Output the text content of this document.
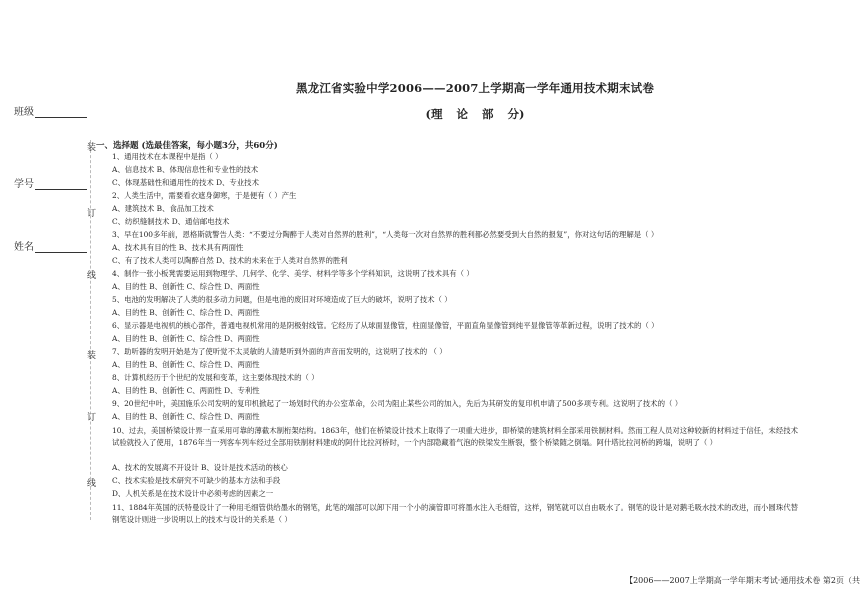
黑龙江省实验中学2006——2007上学期高一学年通用技术期末试卷
(理 论 部 分)
班级
学号
姓名
装
订
线
装
订
线
一、选择题 (选最佳答案，每小题3分，共60分)
1、通用技术在本课程中是指（ ）
A、信息技术 B、体现信息性和专业性的技术
C、体现基础性和通用性的技术 D、专业技术
2、人类生活中，需要看衣遮身御寒，于是便有（ ）产生
A、建筑技术 B、食品加工技术
C、纺织缝制技术 D、通信邮电技术
3、早在100多年前，恩格斯就警告人类：“不要过分陶醉于人类对自然界的胜利”，“人类每一次对自然界的胜利都必然要受到大自然的报复”，你对这句话的理解是（ ）
A、技术具有目的性 B、技术具有两面性
C、有了技术人类可以陶醉自然 D、技术的未来在于人类对自然界的胜利
4、制作一张小板凳需要运用到物理学、几何学、化学、美学、材料学等多个学科知识，这说明了技术具有（ ）
A、目的性 B、创新性 C、综合性 D、两面性
5、电池的发明解决了人类的很多动力问题，但是电池的废旧对环境造成了巨大的破坏，说明了技术（ ）
A、目的性 B、创新性 C、综合性 D、两面性
6、显示器是电视机的核心部件，普通电视机常用的是阴极射线管。它经历了从球面显像管，柱面显像管，平面直角显像管到纯平显像管等革新过程，说明了技术的（ ）
A、目的性 B、创新性 C、综合性 D、两面性
7、助听器的发明开始是为了使听觉不太灵敏的人清楚听到外面的声音而发明的，这说明了技术的 （ ）
A、目的性 B、创新性 C、综合性 D、两面性
8、计算机经历于个世纪的发展和变革，这主要体现技术的（ ）
A、目的性 B、创新性 C、两面性 D、专利性
9、20世纪中叶，美国施乐公司发明的复印机掀起了一场划时代的办公室革命，公司为阻止某些公司的加入，先后为其研发的复印机申请了500多项专利。这说明了技术的（ ）
A、目的性 B、创新性 C、综合性 D、两面性
10、过去，美国桥梁设计界一直采用可靠的薄截木制桁架结构。1863年，他们在桥梁设计技术上取得了一项重大进步，即桥梁的建筑材料全部采用铁制材料。然而工程人员对这种较新的材料过于信任，未经技术试验就投入了使用，1876年当一列客车列车经过全部用铁制材料建成的阿什比拉河桥时，一个内部隐藏着气泡的铁梁发生断裂，整个桥梁随之倒塌。阿什塔比拉河桥的跨塌，说明了（ ）
A、技术的发展离不开设计 B、设计是技术活动的核心
C、技术实验是技术研究不可缺少的基本方法和手段
D、人机关系是在技术设计中必须考虑的因素之一
11、1884年英国的沃特曼设计了一种用毛细管供给墨水的钢笔，此笔的端部可以卸下用一个小的滴管即可将墨水注入毛细管，这样，钢笔就可以自由吸水了。钢笔的设计是对鹅毛吸水技术的改进，而小圆珠代替钢笔设计则进一步说明以上的技术与设计的关系是（ ）
【2006——2007上学期高一学年期末考试·通用技术卷 第2页（共
